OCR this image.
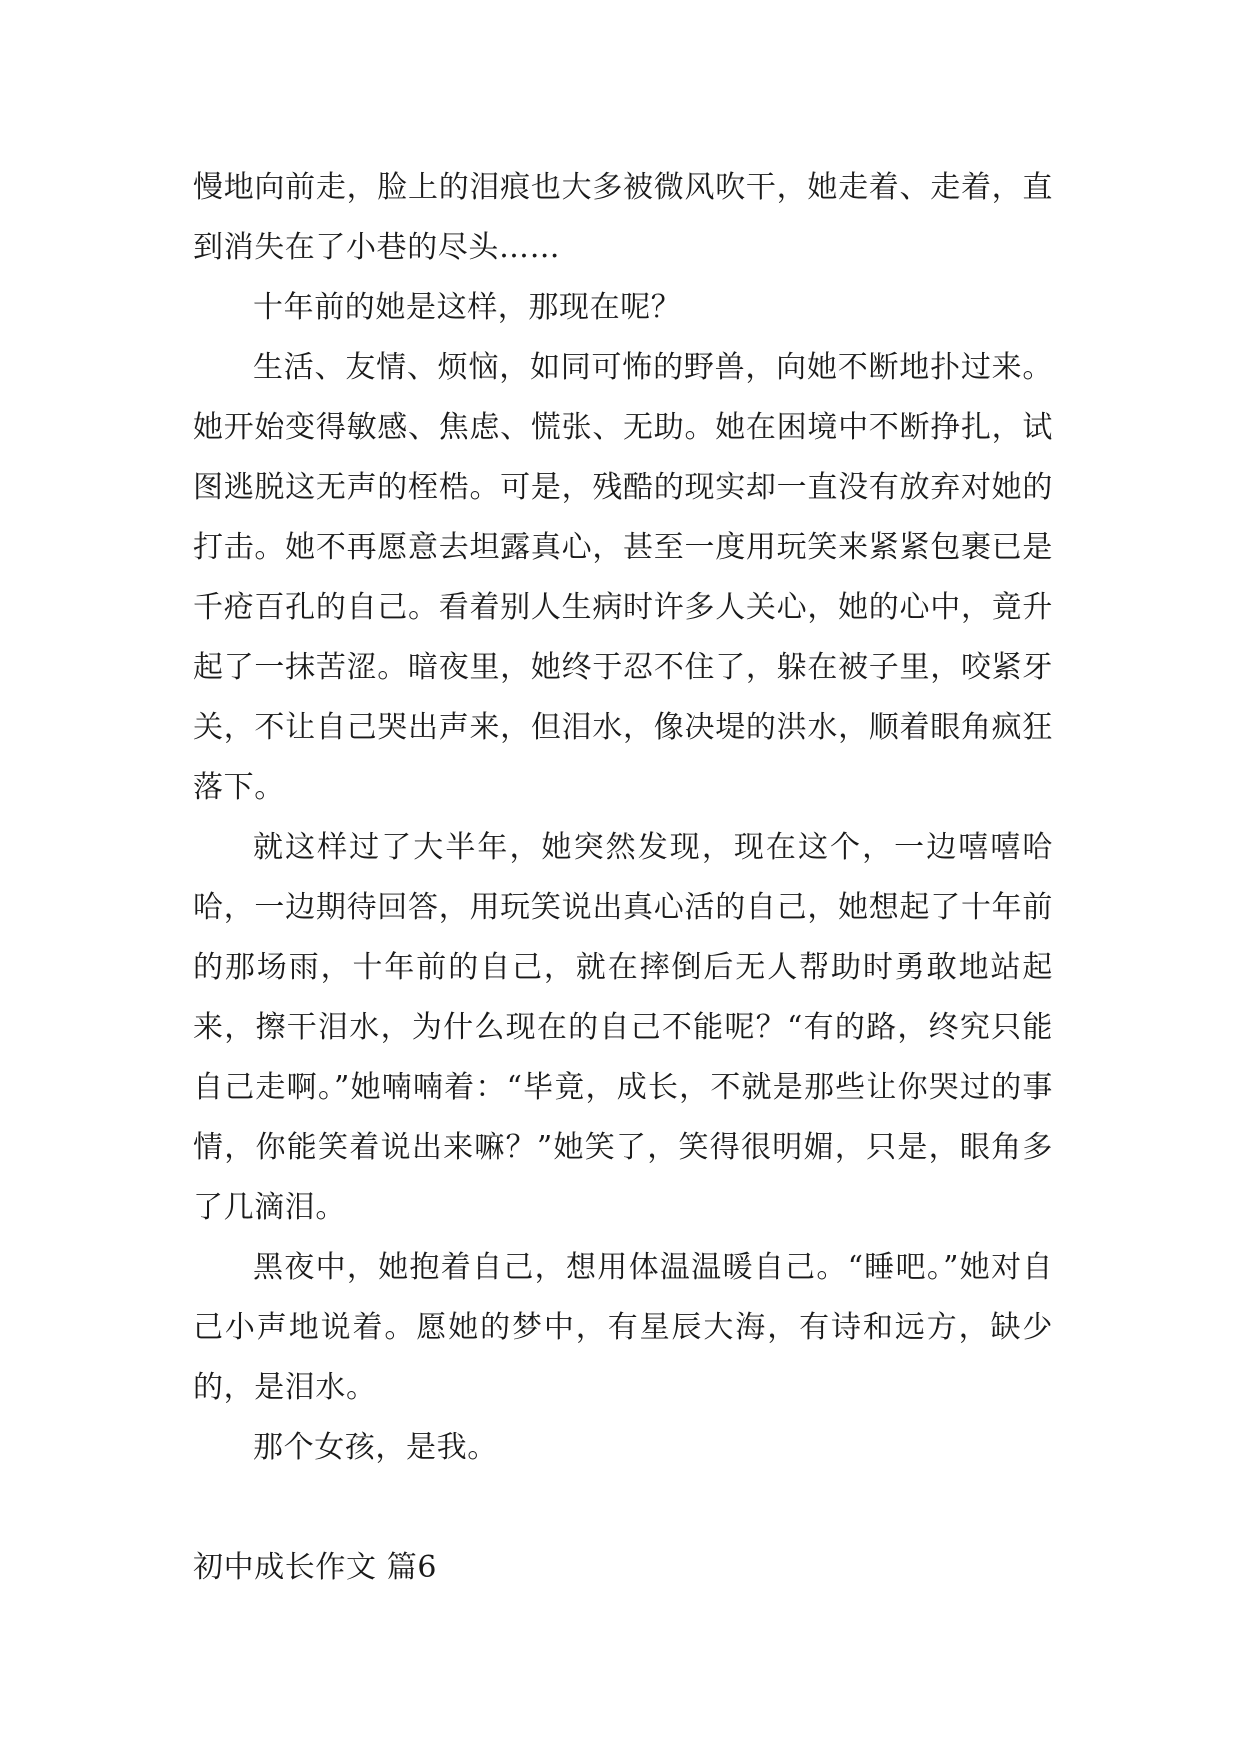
慢地向前走，脸上的泪痕也大多被微风吹干，她走着、走着，直到消失在了小巷的尽头……

十年前的她是这样，那现在呢？

生活、友情、烦恼，如同可怖的野兽，向她不断地扑过来。她开始变得敏感、焦虑、慌张、无助。她在困境中不断挣扎，试图逃脱这无声的桎梏。可是，残酷的现实却一直没有放弃对她的打击。她不再愿意去坦露真心，甚至一度用玩笑来紧紧包裹已是千疮百孔的自己。看着别人生病时许多人关心，她的心中，竟升起了一抹苦涩。暗夜里，她终于忍不住了，躲在被子里，咬紧牙关，不让自己哭出声来，但泪水，像决堤的洪水，顺着眼角疯狂落下。

就这样过了大半年，她突然发现，现在这个，一边嘻嘻哈哈，一边期待回答，用玩笑说出真心活的自己，她想起了十年前的那场雨，十年前的自己，就在摔倒后无人帮助时勇敢地站起来，擦干泪水，为什么现在的自己不能呢？“有的路，终究只能自己走啊。”她喃喃着：“毕竟，成长，不就是那些让你哭过的事情，你能笑着说出来嘛？”她笑了，笑得很明媚，只是，眼角多了几滴泪。

黑夜中，她抱着自己，想用体温温暖自己。“睡吧。”她对自己小声地说着。愿她的梦中，有星辰大海，有诗和远方，缺少的，是泪水。

那个女孩，是我。

初中成长作文 篇6
